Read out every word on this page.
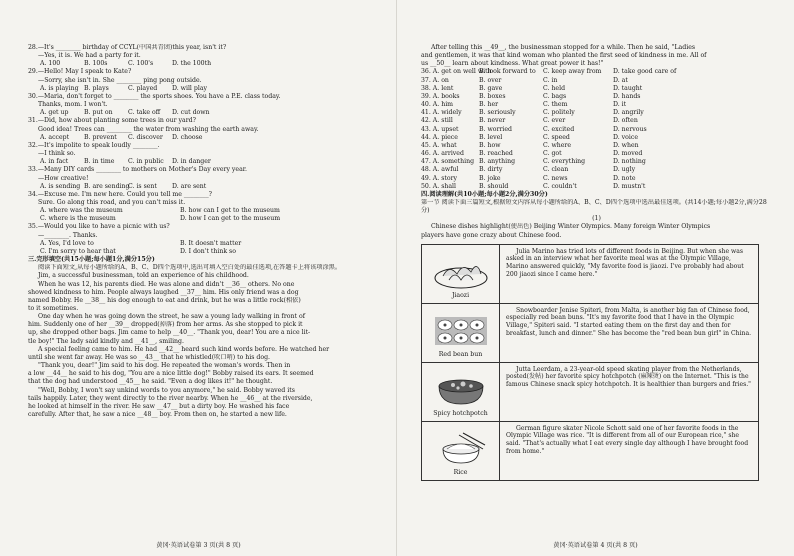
28.—It's ________ birthday of CCYL(中国共青团)this year, isn't it?
—Yes, it is. We had a party for it.
A. 100	B. 100s	C. 100's	D. the 100th
29.—Hello! May I speak to Kate?
—Sorry, she isn't in. She ________ ping pong outside.
A. is playing B. plays	C. played	D. will play
30.—Maria, don't forget to ________ the sports shoes. You have a P.E. class today.
Thanks, mom. I won't.
A. get up	B. put on	C. take off	D. cut down
31.—Did, how about planting some trees in our yard?
Good idea! Trees can ________ the water from washing the earth away.
A. accept	B. prevent	C. discover	D. choose
32.—It's impolite to speak loudly ________.
—I think so.
A. in fact	B. in time	C. in public	D. in danger
33.—Many DIY cards ________ to mothers on Mother's Day every year.
—How creative!
A. is sending B. are sending
C. is sent	D. are sent
34.—Excuse me. I'm new here. Could you tell me ________?
Sure. Go along this road, and you can't miss it.
A. where was the museum	B. how can I get to the museum
C. where is the museum	D. how I can get to the museum
35.—Would you like to have a picnic with us?
—________. Thanks.
A. Yes, I'd love to	B. It doesn't matter
C. I'm sorry to hear that	D. I don't think so
三.完形填空(共15小题;每小题1分,满分15分)
阅读下面短文,从每小题所给的A、B、C、D四个选项中,选出可填入空白处的最佳选项,在答题卡上将该项涂黑。
Jim, a successful businessman, told an experience of his childhood.
When he was 12, his parents died. He was alone and didn't __36__ others. No one
showed kindness to him. People always laughed __37__ him. His only friend was a dog
named Bobby. He __38__ his dog enough to eat and drink, but he was a little rock(相依)
to it sometimes.
One day when he was going down the street, he saw a young lady walking in front of
him. Suddenly one of her __39__ dropped(掉落) from her arms. As she stopped to pick it
up, she dropped other bags. Jim came to help __40__. "Thank you, dear! You are a nice lit-
tle boy!" The lady said kindly and __41__, smiling.
A special feeling came to him. He had __42__ heard such kind words before. He watched her
until she went far away. He was so __43__ that he whistled(吹口哨) to his dog.
"Thank you, dear!" Jim said to his dog. He repeated the woman's words. Then in
a low __44__ he said to his dog, "You are a nice little dog!" Bobby raised its ears. It seemed
that the dog had understood __45__ he said. "Even a dog likes it!" he thought.
"Well, Bobby, I won't say unkind words to you anymore," he said. Bobby waved its
tails happily. Later, they went directly to the river nearby. When he __46__ at the riverside,
he looked at himself in the river. He saw __47__ but a dirty boy. He washed his face
carefully. After that, he saw a nice __48__ boy. From then on, he started a new life.
黄冈·英语试卷第 3 页(共 8 页)
After telling this __49__, the businessman stopped for a while. Then he said, "Ladies
and gentlemen, it was that kind woman who planted the first seed of kindness in me. All of
us __50__ learn about kindness. What great power it has!"
36. A. get on well with
B. look forward to	C. keep away from	D. take good care of
37. A. on	B. over	C. in	D. at
38. A. lent	B. gave	C. held	D. taught
39. A. books	B. boxes	C. bags	D. hands
40. A. him	B. her	C. them	D. it
41. A. widely	B. seriously	C. politely	D. angrily
42. A. still	B. never	C. ever	D. often
43. A. upset	B. worried	C. excited	D. nervous
44. A. piece	B. level	C. speed	D. voice
45. A. what	B. how	C. where	D. when
46. A. arrived	B. reached	C. got	D. moved
47. A. something B. anything	C. everything	D. nothing
48. A. awful	B. dirty	C. clean	D. ugly
49. A. story	B. joke	C. news	D. note
50. A. shall	B. should	C. couldn't	D. mustn't
四.阅读理解(共10小题;每小题2分,满分30分)
第一节 阅读下面三篇短文,根据短文内容从每小题所给的A、B、C、D四个选项中选出最佳选项。(共14小题;每小题2分,满分28分)
(1)
Chinese dishes highlight(使出色) Beijing Winter Olympics. Many foreign Winter Olympics
players have gone crazy about Chinese food.
Jiaozi
Julia Marino has tried lots of different foods in Beijing. But when she was asked in an interview what her favorite meal was at the Olympic Village, Marino answered quickly, "My favorite food is jiaozi. I've probably had about 200 jiaozi since I came here."
Red bean bun
Snowboarder Jenise Spiteri, from Malta, is another big fan of Chinese food, especially red bean buns. "It's my favorite food that I have in the Olympic Village," Spiteri said. "I started eating them on the first day and then for breakfast, lunch and dinner." She has become the "red bean bun girl" in China.
Spicy hotchpotch
Jutta Leerdam, a 23-year-old speed skating player from the Netherlands, posted(发帖) her favorite spicy hotchpotch (麻辣烫) on the Internet. "This is the famous Chinese snack spicy hotchpotch. It is healthier than burgers and fries."
Rice
German figure skater Nicole Schott said one of her favorite foods in the Olympic Village was rice. "It is different from all of our European rice," she said. "That's actually what I eat every single day although I have brought food from home."
黄冈·英语试卷第 4 页(共 8 页)
